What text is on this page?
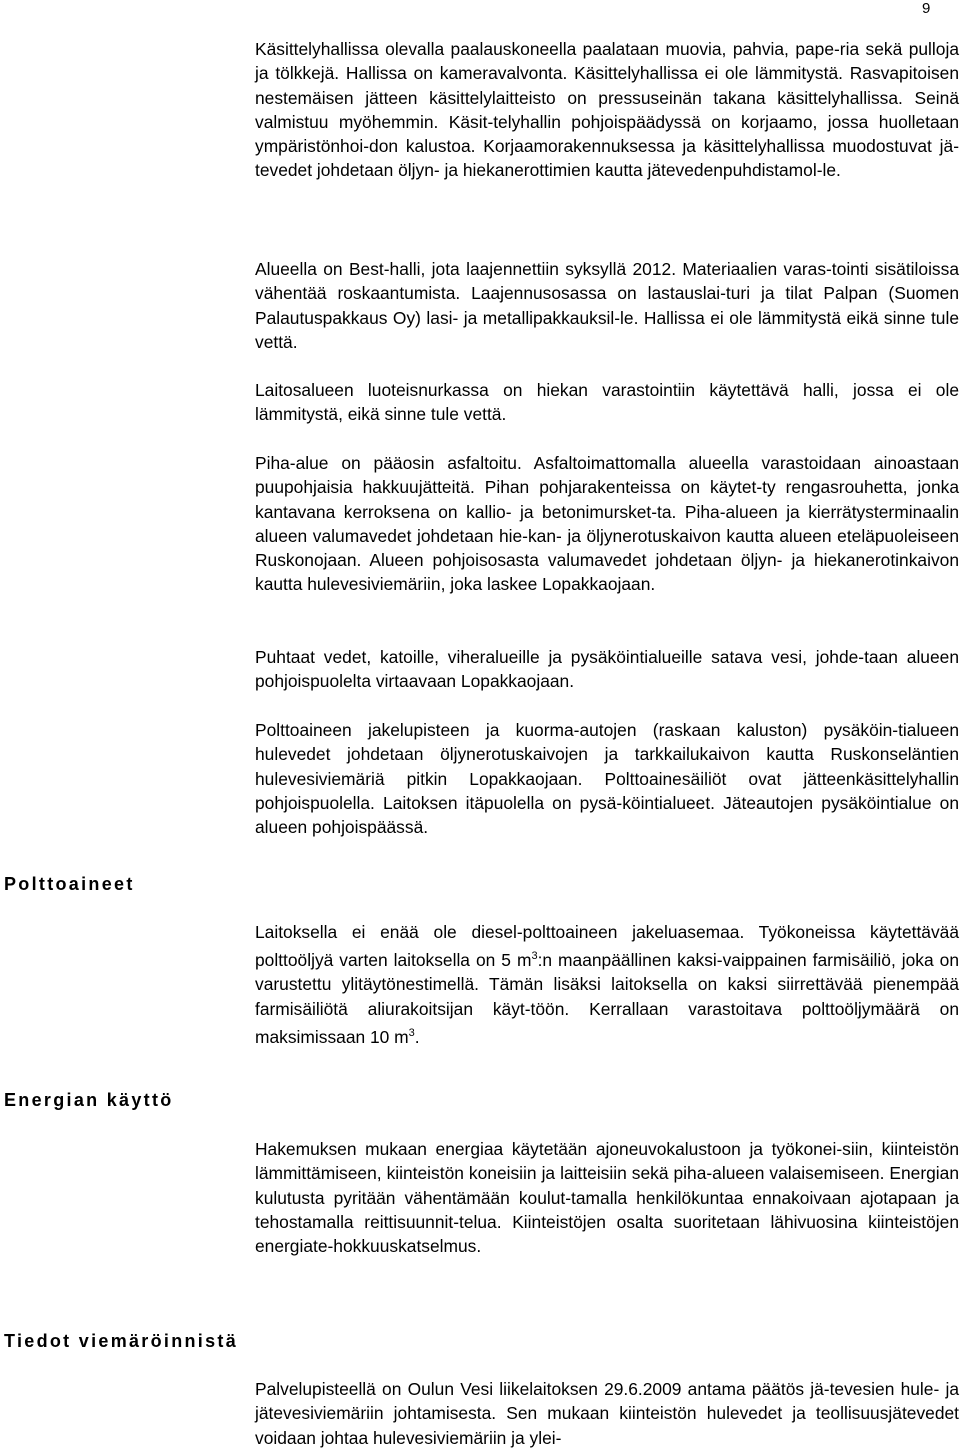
9

Käsittelyhallissa olevalla paalauskoneella paalataan muovia, pahvia, pape-ria sekä pulloja ja tölkkejä. Hallissa on kameravalvonta. Käsittelyhallissa ei ole lämmitystä. Rasvapitoisen nestemäisen jätteen käsittelylaitteisto on pressuseinän takana käsittelyhallissa. Seinä valmistuu myöhemmin. Käsit-telyhallin pohjoispäädyssä on korjaamo, jossa huolletaan ympäristönhoi-don kalustoa. Korjaamorakennuksessa ja käsittelyhallissa muodostuvat jä-tevedet johdetaan öljyn- ja hiekanerottimien kautta jätevedenpuhdistamol-le.

Alueella on Best-halli, jota laajennettiin syksyllä 2012. Materiaalien varas-tointi sisätiloissa vähentää roskaantumista. Laajennusosassa on lastauslai-turi ja tilat Palpan (Suomen Palautuspakkaus Oy) lasi- ja metallipakkauksil-le. Hallissa ei ole lämmitystä eikä sinne tule vettä.

Laitosalueen luoteisnurkassa on hiekan varastointiin käytettävä halli, jossa ei ole lämmitystä, eikä sinne tule vettä.

Piha-alue on pääosin asfaltoitu. Asfaltoimattomalla alueella varastoidaan ainoastaan puupohjaisia hakkuujätteitä. Pihan pohjarakenteissa on käytet-ty rengasrouhetta, jonka kantavana kerroksena on kallio- ja betonimursket-ta. Piha-alueen ja kierrätysterminaalin alueen valumavedet johdetaan hie-kan- ja öljynerotuskaivon kautta alueen eteläpuoleiseen Ruskonojaan. Alueen pohjoisosasta valumavedet johdetaan öljyn- ja hiekanerotinkaivon kautta hulevesiviemäriin, joka laskee Lopakkaojaan.

Puhtaat vedet, katoille, viheralueille ja pysäköintialueille satava vesi, johde-taan alueen pohjoispuolelta virtaavaan Lopakkaojaan.

Polttoaineen jakelupisteen ja kuorma-autojen (raskaan kaluston) pysäköin-tialueen hulevedet johdetaan öljynerotuskaivojen ja tarkkailukaivon kautta Ruskonseläntien hulevesiviemäriä pitkin Lopakkaojaan. Polttoainesäiliöt ovat jätteenkäsittelyhallin pohjoispuolella. Laitoksen itäpuolella on pysä-köintialueet. Jäteautojen pysäköintialue on alueen pohjoispäässä.

Polttoaineet

Laitoksella ei enää ole diesel-polttoaineen jakeluasemaa. Työkoneissa käytettävää polttoöljyä varten laitoksella on 5 $m^3:n$ maanpäällinen kaksi-vaippainen farmisäiliö, joka on varustettu ylitäytönestimellä. Tämän lisäksi laitoksella on kaksi siirrettävää pienempää farmisäiliötä aliurakoitsijan käyt-töön. Kerrallaan varastoitava polttoöljymäärä on maksimissaan 10 $m^3$.

Energian käyttö

Hakemuksen mukaan energiaa käytetään ajoneuvokalustoon ja työkonei-siin, kiinteistön lämmittämiseen, kiinteistön koneisiin ja laitteisiin sekä piha-alueen valaisemiseen. Energian kulutusta pyritään vähentämään koulut-tamalla henkilökuntaa ennakoivaan ajotapaan ja tehostamalla reittisuunnit-telua. Kiinteistöjen osalta suoritetaan lähivuosina kiinteistöjen energiate-hokkuuskatselmus.

Tiedot viemäröinnistä

Palvelupisteellä on Oulun Vesi liikelaitoksen 29.6.2009 antama päätös jä-tevesien hule- ja jätevesiviemäriin johtamisesta. Sen mukaan kiinteistön hulevedet ja teollisuusjätevedet voidaan johtaa hulevesiviemäriin ja ylei-
